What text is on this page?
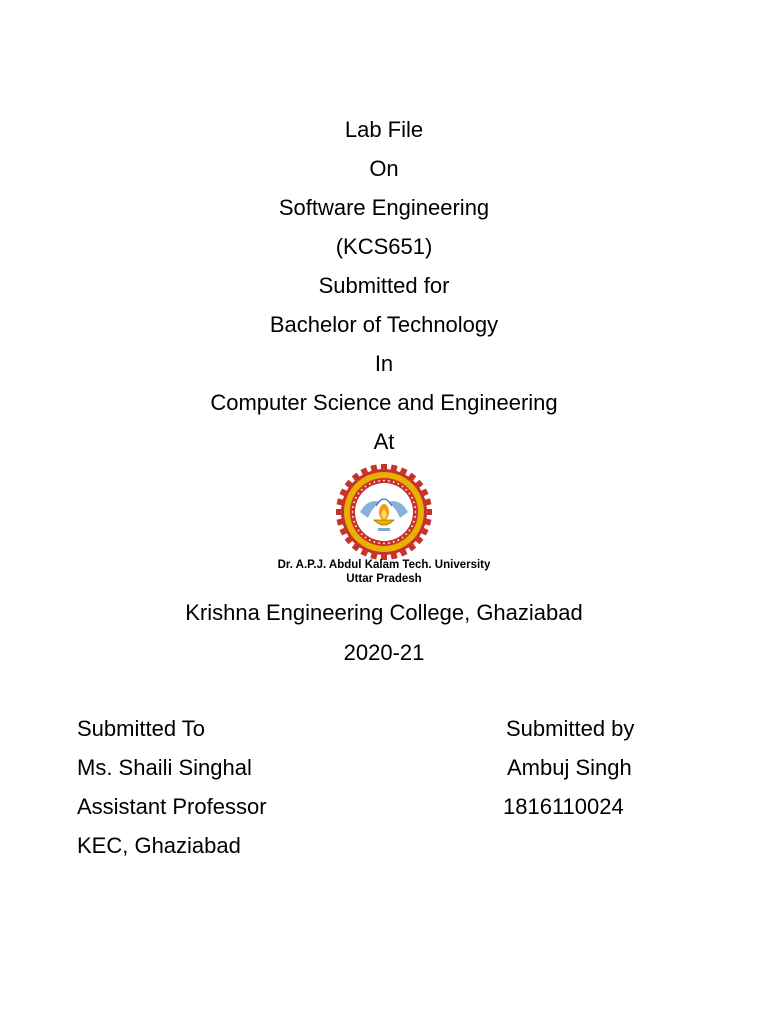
Lab File
On
Software Engineering
(KCS651)
Submitted for
Bachelor of Technology
In
Computer Science and Engineering
At
Dr. A.P.J. Abdul Kalam Tech. University
Uttar Pradesh
Krishna Engineering College, Ghaziabad
2020-21
Submitted To
Ms. Shaili Singhal
Assistant Professor
KEC, Ghaziabad
Submitted by
Ambuj Singh
1816110024
